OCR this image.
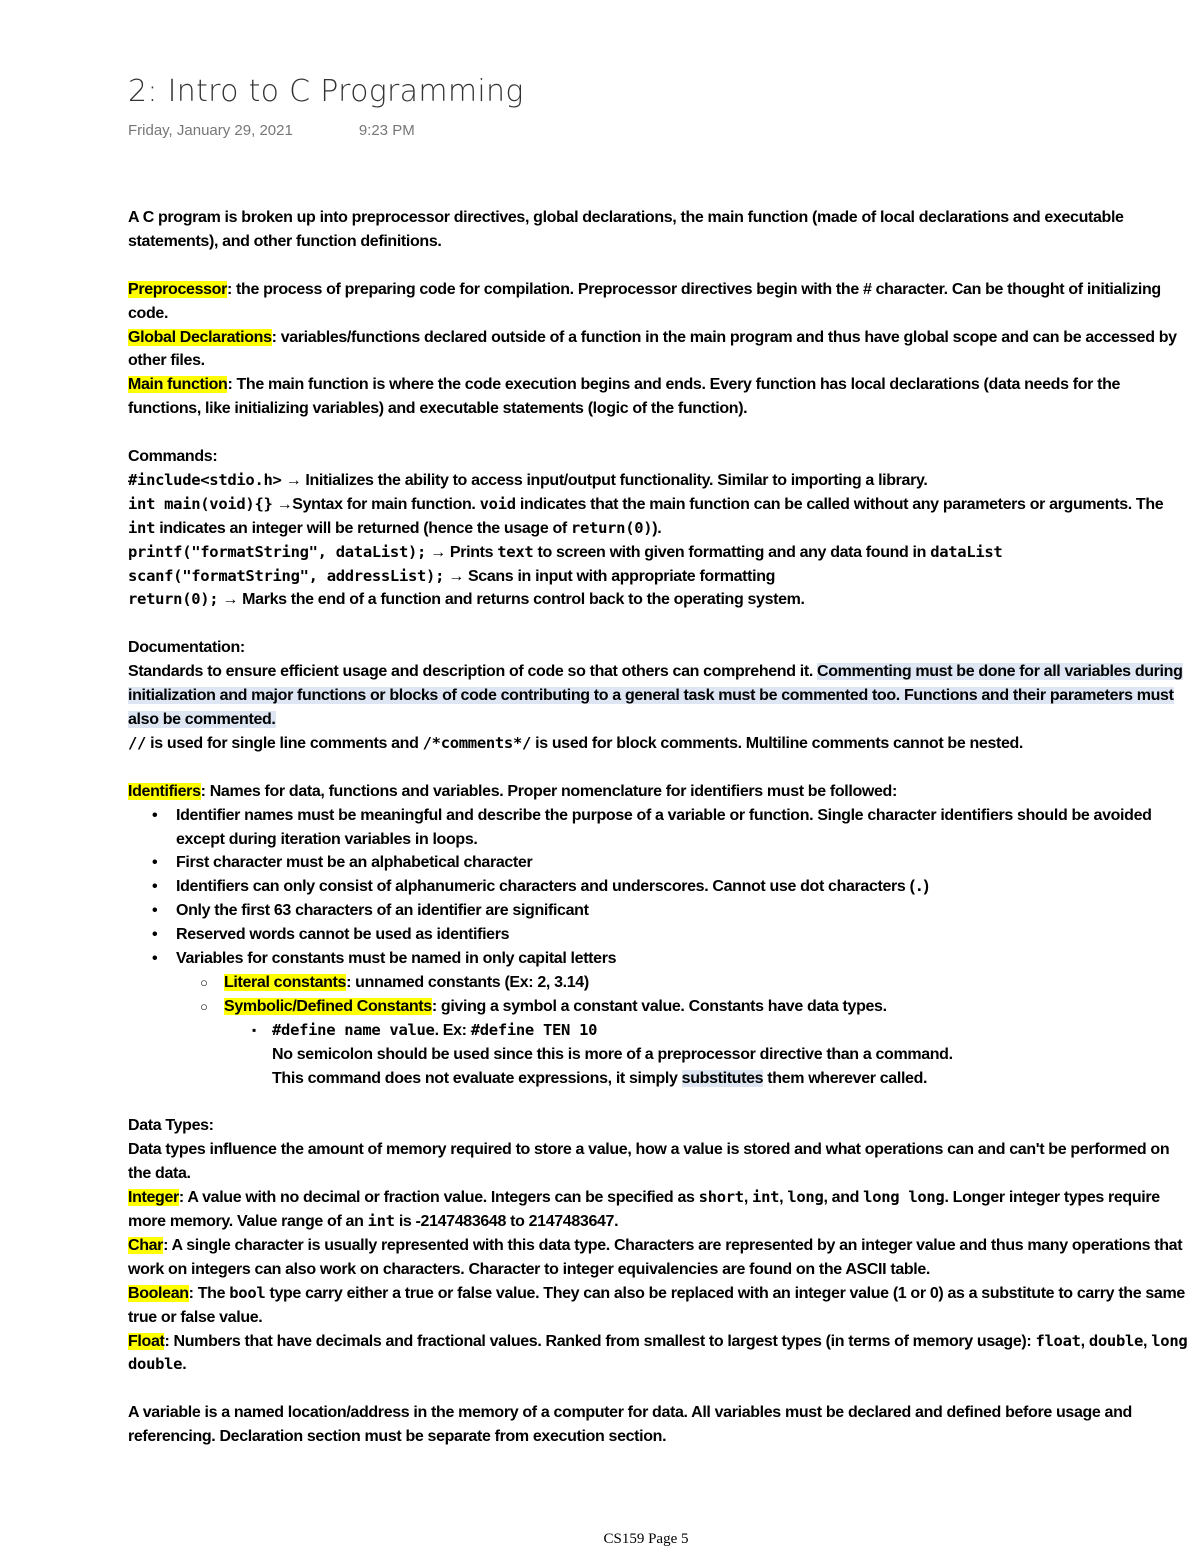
2: Intro to C Programming
Friday, January 29, 2021	9:23 PM

A C program is broken up into preprocessor directives, global declarations, the main function (made of local declarations and executable statements), and other function definitions.

Preprocessor: the process of preparing code for compilation. Preprocessor directives begin with the # character. Can be thought of initializing code.

Global Declarations: variables/functions declared outside of a function in the main program and thus have global scope and can be accessed by other files.

Main function: The main function is where the code execution begins and ends. Every function has local declarations (data needs for the functions, like initializing variables) and executable statements (logic of the function).

Commands:

#include<stdio.h> → Initializes the ability to access input/output functionality. Similar to importing a library.

int main(void){} →Syntax for main function. void indicates that the main function can be called without any parameters or arguments. The int indicates an integer will be returned (hence the usage of return(0)).

printf("formatString", dataList); → Prints text to screen with given formatting and any data found in dataList

scanf("formatString", addressList); → Scans in input with appropriate formatting

return(0); → Marks the end of a function and returns control back to the operating system.

Documentation:

Standards to ensure efficient usage and description of code so that others can comprehend it. Commenting must be done for all variables during initialization and major functions or blocks of code contributing to a general task must be commented too. Functions and their parameters must also be commented.

// is used for single line comments and /*comments*/ is used for block comments. Multiline comments cannot be nested.

Identifiers: Names for data, functions and variables. Proper nomenclature for identifiers must be followed:

• Identifier names must be meaningful and describe the purpose of a variable or function. Single character identifiers should be avoided except during iteration variables in loops.
• First character must be an alphabetical character
• Identifiers can only consist of alphanumeric characters and underscores. Cannot use dot characters (.)
• Only the first 63 characters of an identifier are significant
• Reserved words cannot be used as identifiers
• Variables for constants must be named in only capital letters
○ Literal constants: unnamed constants (Ex: 2, 3.14)
○ Symbolic/Defined Constants: giving a symbol a constant value. Constants have data types.
▪ #define name value. Ex: #define TEN 10
No semicolon should be used since this is more of a preprocessor directive than a command.
This command does not evaluate expressions, it simply substitutes them wherever called.

Data Types:

Data types influence the amount of memory required to store a value, how a value is stored and what operations can and can't be performed on the data.

Integer: A value with no decimal or fraction value. Integers can be specified as short, int, long, and long long. Longer integer types require more memory. Value range of an int is -2147483648 to 2147483647.

Char: A single character is usually represented with this data type. Characters are represented by an integer value and thus many operations that work on integers can also work on characters. Character to integer equivalencies are found on the ASCII table.

Boolean: The bool type carry either a true or false value. They can also be replaced with an integer value (1 or 0) as a substitute to carry the same true or false value.

Float: Numbers that have decimals and fractional values. Ranked from smallest to largest types (in terms of memory usage): float, double, long double.

A variable is a named location/address in the memory of a computer for data. All variables must be declared and defined before usage and referencing. Declaration section must be separate from execution section.

CS159 Page 5
